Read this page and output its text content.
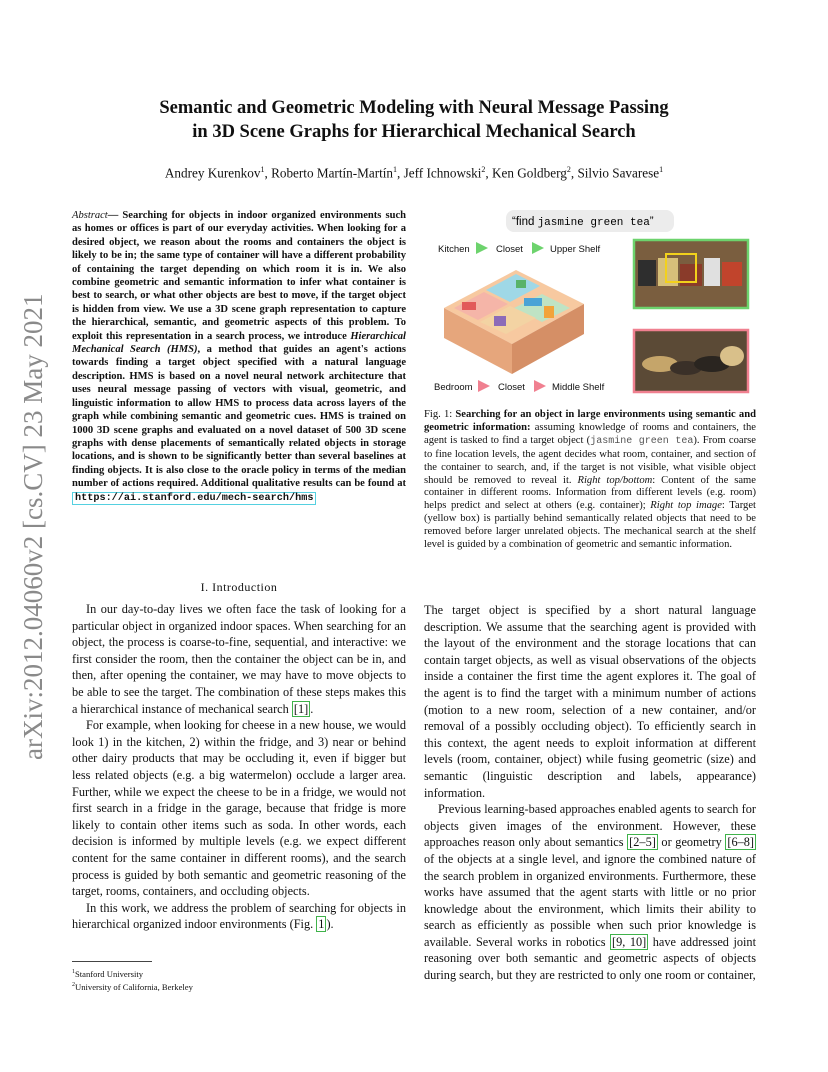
arXiv:2012.04060v2 [cs.CV] 23 May 2021
Semantic and Geometric Modeling with Neural Message Passing
in 3D Scene Graphs for Hierarchical Mechanical Search
Andrey Kurenkov$^1$, Roberto Martín-Martín$^1$, Jeff Ichnowski$^2$, Ken Goldberg$^2$, Silvio Savarese$^1$
Abstract— Searching for objects in indoor organized environments such as homes or offices is part of our everyday activities. When looking for a desired object, we reason about the rooms and containers the object is likely to be in; the same type of container will have a different probability of containing the target depending on which room it is in. We also combine geometric and semantic information to infer what container is best to search, or what other objects are best to move, if the target object is hidden from view. We use a 3D scene graph representation to capture the hierarchical, semantic, and geometric aspects of this problem. To exploit this representation in a search process, we introduce Hierarchical Mechanical Search (HMS), a method that guides an agent's actions towards finding a target object specified with a natural language description. HMS is based on a novel neural network architecture that uses neural message passing of vectors with visual, geometric, and linguistic information to allow HMS to process data across layers of the graph while combining semantic and geometric cues. HMS is trained on 1000 3D scene graphs and evaluated on a novel dataset of 500 3D scene graphs with dense placements of semantically related objects in storage locations, and is shown to be significantly better than several baselines at finding objects. It is also close to the oracle policy in terms of the median number of actions required. Additional qualitative results can be found at https://ai.stanford.edu/mech-search/hms
I. Introduction

In our day-to-day lives we often face the task of looking for a particular object in organized indoor spaces. When searching for an object, the process is coarse-to-fine, sequential, and interactive: we first consider the room, then the container the object can be in, and then, after opening the container, we may have to move objects to be able to see the target. The combination of these steps makes this a hierarchical instance of mechanical search [1] .

For example, when looking for cheese in a new house, we would look 1) in the kitchen, 2) within the fridge, and 3) near or behind other dairy products that may be occluding it, even if bigger but less related objects (e.g. a big watermelon) occlude a larger area. Further, while we expect the cheese to be in a fridge, we would not first search in a fridge in the garage, because that fridge is more likely to contain other items such as soda. In other words, each decision is informed by multiple levels (e.g. we expect different content for the same container in different rooms), and the search process is guided by both semantic and geometric reasoning of the target, rooms, containers, and occluding objects.

In this work, we address the problem of searching for objects in hierarchical organized indoor environments (Fig. 1 ).

$^1$Stanford University
$^2$University of California, Berkeley
“find jasmine green tea”
Kitchen	Closet	Upper Shelf
Bedroom	Closet	Middle Shelf
Fig. 1: Searching for an object in large environments using semantic and geometric information: assuming knowledge of rooms and containers, the agent is tasked to find a target object (jasmine green tea). From coarse to fine location levels, the agent decides what room, container, and section of the container to search, and, if the target is not visible, what visible object should be removed to reveal it. Right top/bottom: Content of the same container in different rooms. Information from different levels (e.g. room) helps predict and select at others (e.g. container); Right top image: Target (yellow box) is partially behind semantically related objects that need to be removed before larger unrelated objects. The mechanical search at the shelf level is guided by a combination of geometric and semantic information.

The target object is specified by a short natural language description. We assume that the searching agent is provided with the layout of the environment and the storage locations that can contain target objects, as well as visual observations of the objects inside a container the first time the agent explores it. The goal of the agent is to find the target with a minimum number of actions (motion to a new room, selection of a new container, and/or removal of a possibly occluding object). To efficiently search in this context, the agent needs to exploit information at different levels (room, container, object) while fusing geometric (size) and semantic (linguistic description and labels, appearance) information.

Previous learning-based approaches enabled agents to search for objects given images of the environment. However, these approaches reason only about semantics [2–5] or geometry [6–8] of the objects at a single level, and ignore the combined nature of the search problem in organized environments. Furthermore, these works have assumed that the agent starts with little or no prior knowledge about the environment, which limits their ability to search as efficiently as possible when such prior knowledge is available. Several works in robotics [9, 10] have addressed joint reasoning over both semantic and geometric aspects of objects during search, but they are restricted to only one room or container,
